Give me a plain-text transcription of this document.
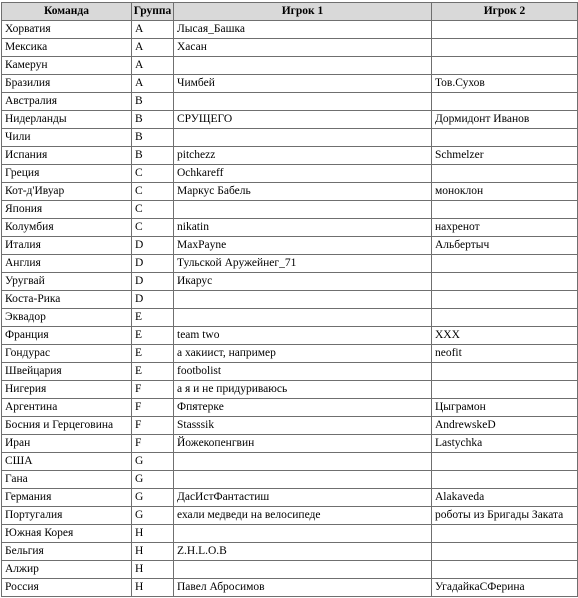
Команда	Группа	Игрок 1	Игрок 2
Хорватия	A	Лысая_Башка	
Мексика	A	Хасан	
Камерун	A		
Бразилия	A	Чимбей	Тов.Сухов
Австралия	B		
Нидерланды	B	СРУЩЕГО	Дормидонт Иванов
Чили	B		
Испания	B	pitchezz	Schmelzer
Греция	C	Ochkareff	
Кот-д'Ивуар	C	Маркус Бабель	моноклон
Япония	C		
Колумбия	C	nikatin	нахренот
Италия	D	MaxPayne	Альбертыч
Англия	D	Тульской Аружейнег_71	
Уругвай	D	Икарус	
Коста-Рика	D		
Эквадор	E		
Франция	E	team two	XXX
Гондурас	E	а хакиист, например	neofit
Швейцария	E	footbolist	
Нигерия	F	а я и не придуриваюсь	
Аргентина	F	Фпятерке	Цыграмон
Босния и Герцеговина	F	Stasssik	AndrewskeD
Иран	F	Йожекопенгвин	Lastychka
США	G		
Гана	G		
Германия	G	ДасИстФантастиш	Alakaveda
Португалия	G	ехали медведи на велосипеде	роботы из Бригады Заката
Южная Корея	H		
Бельгия	H	Z.H.L.O.B	
Алжир	H		
Россия	H	Павел Абросимов	УгадайкаСФерина
